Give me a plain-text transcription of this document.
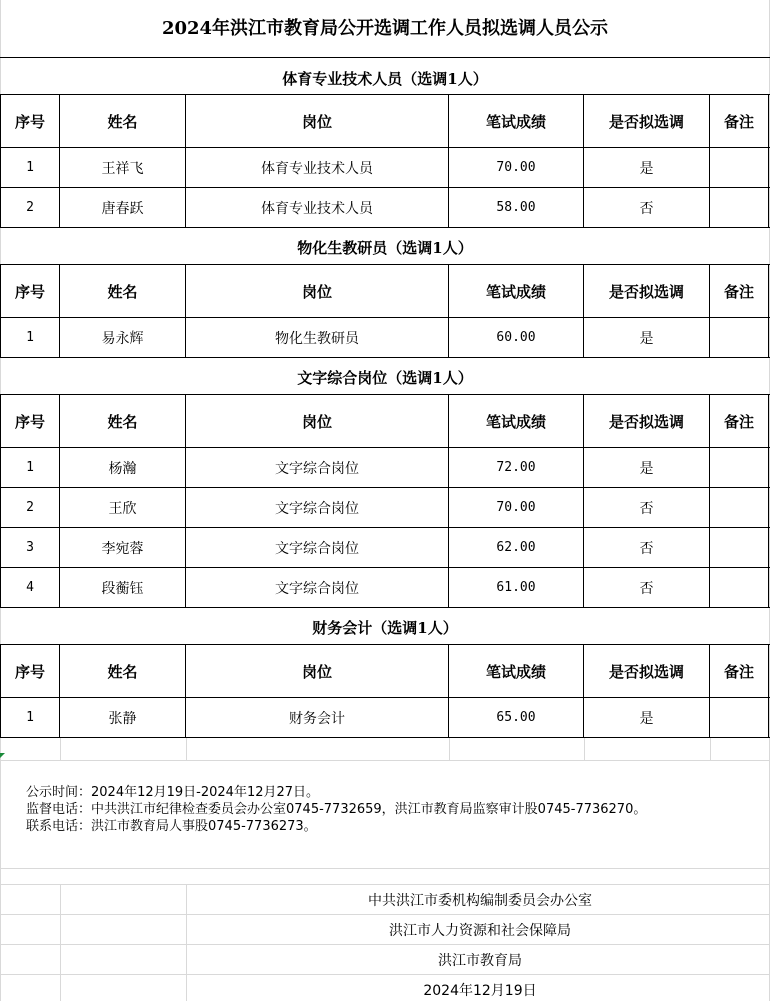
2024年洪江市教育局公开选调工作人员拟选调人员公示
体育专业技术人员（选调1人）
序号	姓名	岗位	笔试成绩	是否拟选调	备注
1	王祥飞	体育专业技术人员	70.00	是
2	唐春跃	体育专业技术人员	58.00	否
物化生教研员（选调1人）
序号	姓名	岗位	笔试成绩	是否拟选调	备注
1	易永辉	物化生教研员	60.00	是
文字综合岗位（选调1人）
序号	姓名	岗位	笔试成绩	是否拟选调	备注
1	杨瀚	文字综合岗位	72.00	是
2	王欣	文字综合岗位	70.00	否
3	李宛蓉	文字综合岗位	62.00	否
4	段蘅钰	文字综合岗位	61.00	否
财务会计（选调1人）
序号	姓名	岗位	笔试成绩	是否拟选调	备注
1	张静	财务会计	65.00	是
公示时间：2024年12月19日-2024年12月27日。
监督电话：中共洪江市纪律检查委员会办公室0745-7732659，洪江市教育局监察审计股0745-7736270。
联系电话：洪江市教育局人事股0745-7736273。
中共洪江市委机构编制委员会办公室
洪江市人力资源和社会保障局
洪江市教育局
2024年12月19日
